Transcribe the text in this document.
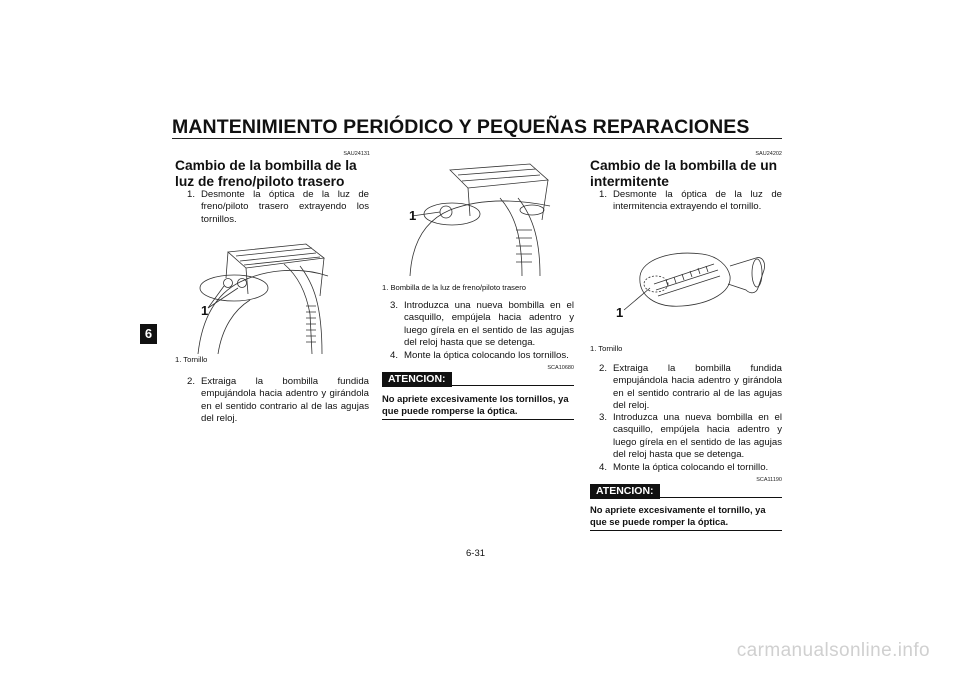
MANTENIMIENTO PERIÓDICO Y PEQUEÑAS REPARACIONES
6
SAU24131
Cambio de la bombilla de la luz de freno/piloto trasero
1. Desmonte la óptica de la luz de freno/piloto trasero extrayendo los tornillos.
1
1. Tornillo
2. Extraiga la bombilla fundida empujándola hacia adentro y girándola en el sentido contrario al de las agujas del reloj.
1
1. Bombilla de la luz de freno/piloto trasero
3. Introduzca una nueva bombilla en el casquillo, empújela hacia adentro y luego gírela en el sentido de las agujas del reloj hasta que se detenga.
4. Monte la óptica colocando los tornillos.
SCA10680
ATENCION:
No apriete excesivamente los tornillos, ya que puede romperse la óptica.
SAU24202
Cambio de la bombilla de un intermitente
1. Desmonte la óptica de la luz de intermitencia extrayendo el tornillo.
1
1. Tornillo
2. Extraiga la bombilla fundida empujándola hacia adentro y girándola en el sentido contrario al de las agujas del reloj.
3. Introduzca una nueva bombilla en el casquillo, empújela hacia adentro y luego gírela en el sentido de las agujas del reloj hasta que se detenga.
4. Monte la óptica colocando el tornillo.
SCA11190
ATENCION:
No apriete excesivamente el tornillo, ya que se puede romper la óptica.
6-31
carmanualsonline.info
